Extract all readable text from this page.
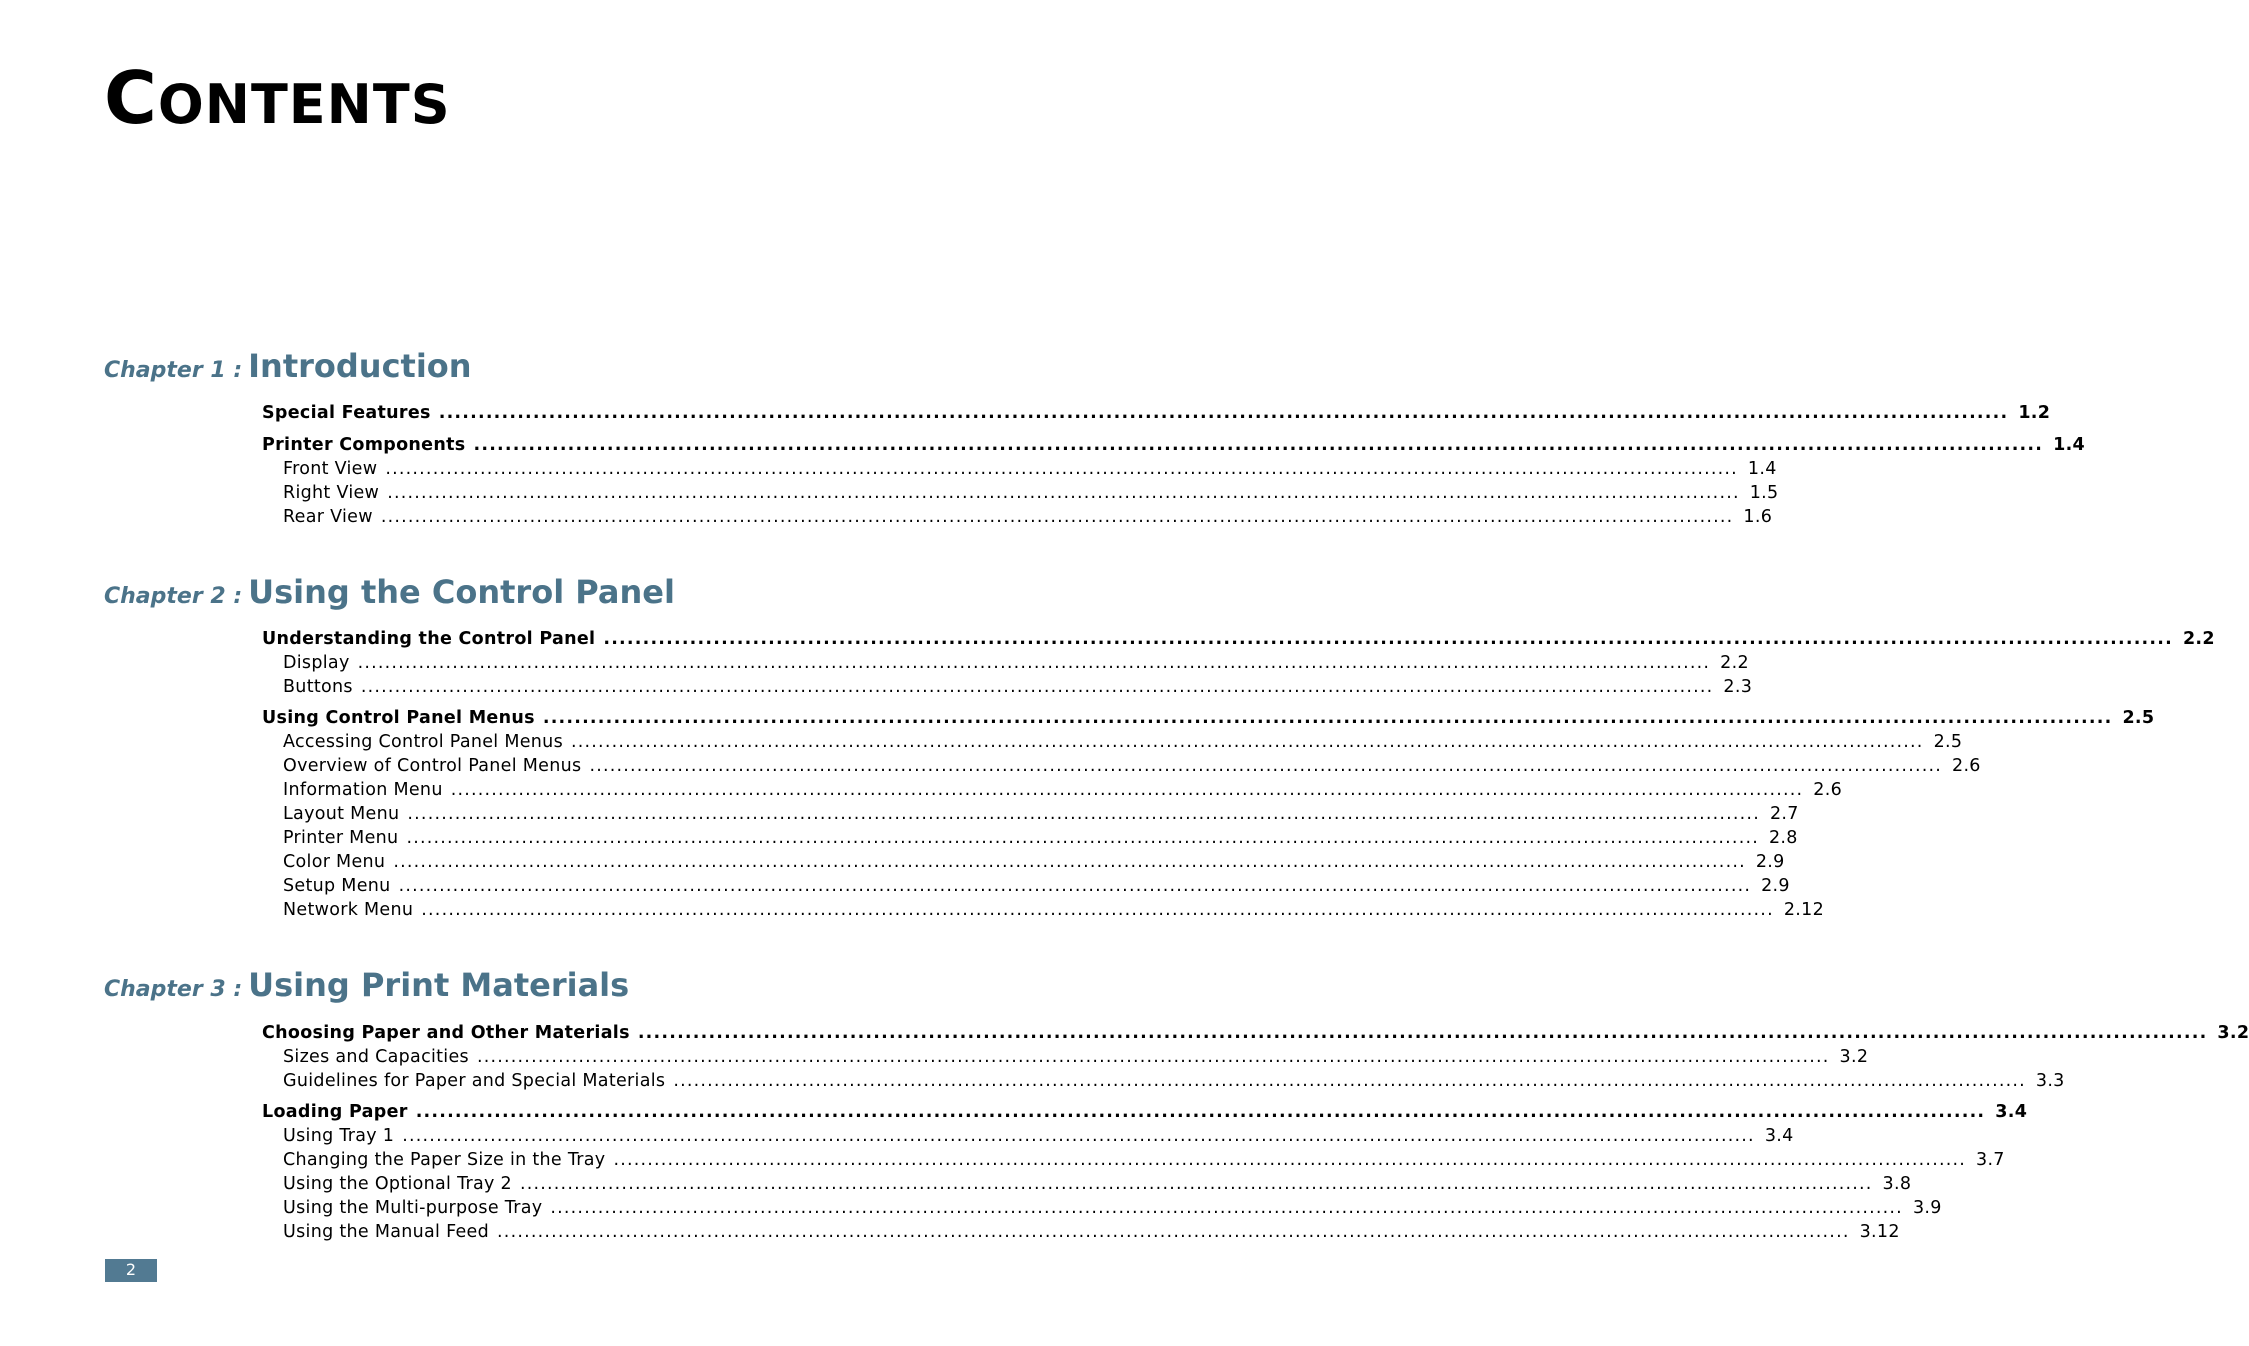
CONTENTS
Chapter 1 : Introduction
Special Features ........................................................................................................................................................................................................ 1.2
Printer Components ........................................................................................................................................................................................................ 1.4
Front View ........................................................................................................................................................................................................ 1.4
Right View ........................................................................................................................................................................................................ 1.5
Rear View ........................................................................................................................................................................................................ 1.6
Chapter 2 : Using the Control Panel
Understanding the Control Panel ........................................................................................................................................................................................................ 2.2
Display ........................................................................................................................................................................................................ 2.2
Buttons ........................................................................................................................................................................................................ 2.3
Using Control Panel Menus ........................................................................................................................................................................................................ 2.5
Accessing Control Panel Menus ........................................................................................................................................................................................................ 2.5
Overview of Control Panel Menus ........................................................................................................................................................................................................ 2.6
Information Menu ........................................................................................................................................................................................................ 2.6
Layout Menu ........................................................................................................................................................................................................ 2.7
Printer Menu ........................................................................................................................................................................................................ 2.8
Color Menu ........................................................................................................................................................................................................ 2.9
Setup Menu ........................................................................................................................................................................................................ 2.9
Network Menu ........................................................................................................................................................................................................ 2.12
Chapter 3 : Using Print Materials
Choosing Paper and Other Materials ........................................................................................................................................................................................................ 3.2
Sizes and Capacities ........................................................................................................................................................................................................ 3.2
Guidelines for Paper and Special Materials ........................................................................................................................................................................................................ 3.3
Loading Paper ........................................................................................................................................................................................................ 3.4
Using Tray 1 ........................................................................................................................................................................................................ 3.4
Changing the Paper Size in the Tray ........................................................................................................................................................................................................ 3.7
Using the Optional Tray 2 ........................................................................................................................................................................................................ 3.8
Using the Multi-purpose Tray ........................................................................................................................................................................................................ 3.9
Using the Manual Feed ........................................................................................................................................................................................................ 3.12
2
